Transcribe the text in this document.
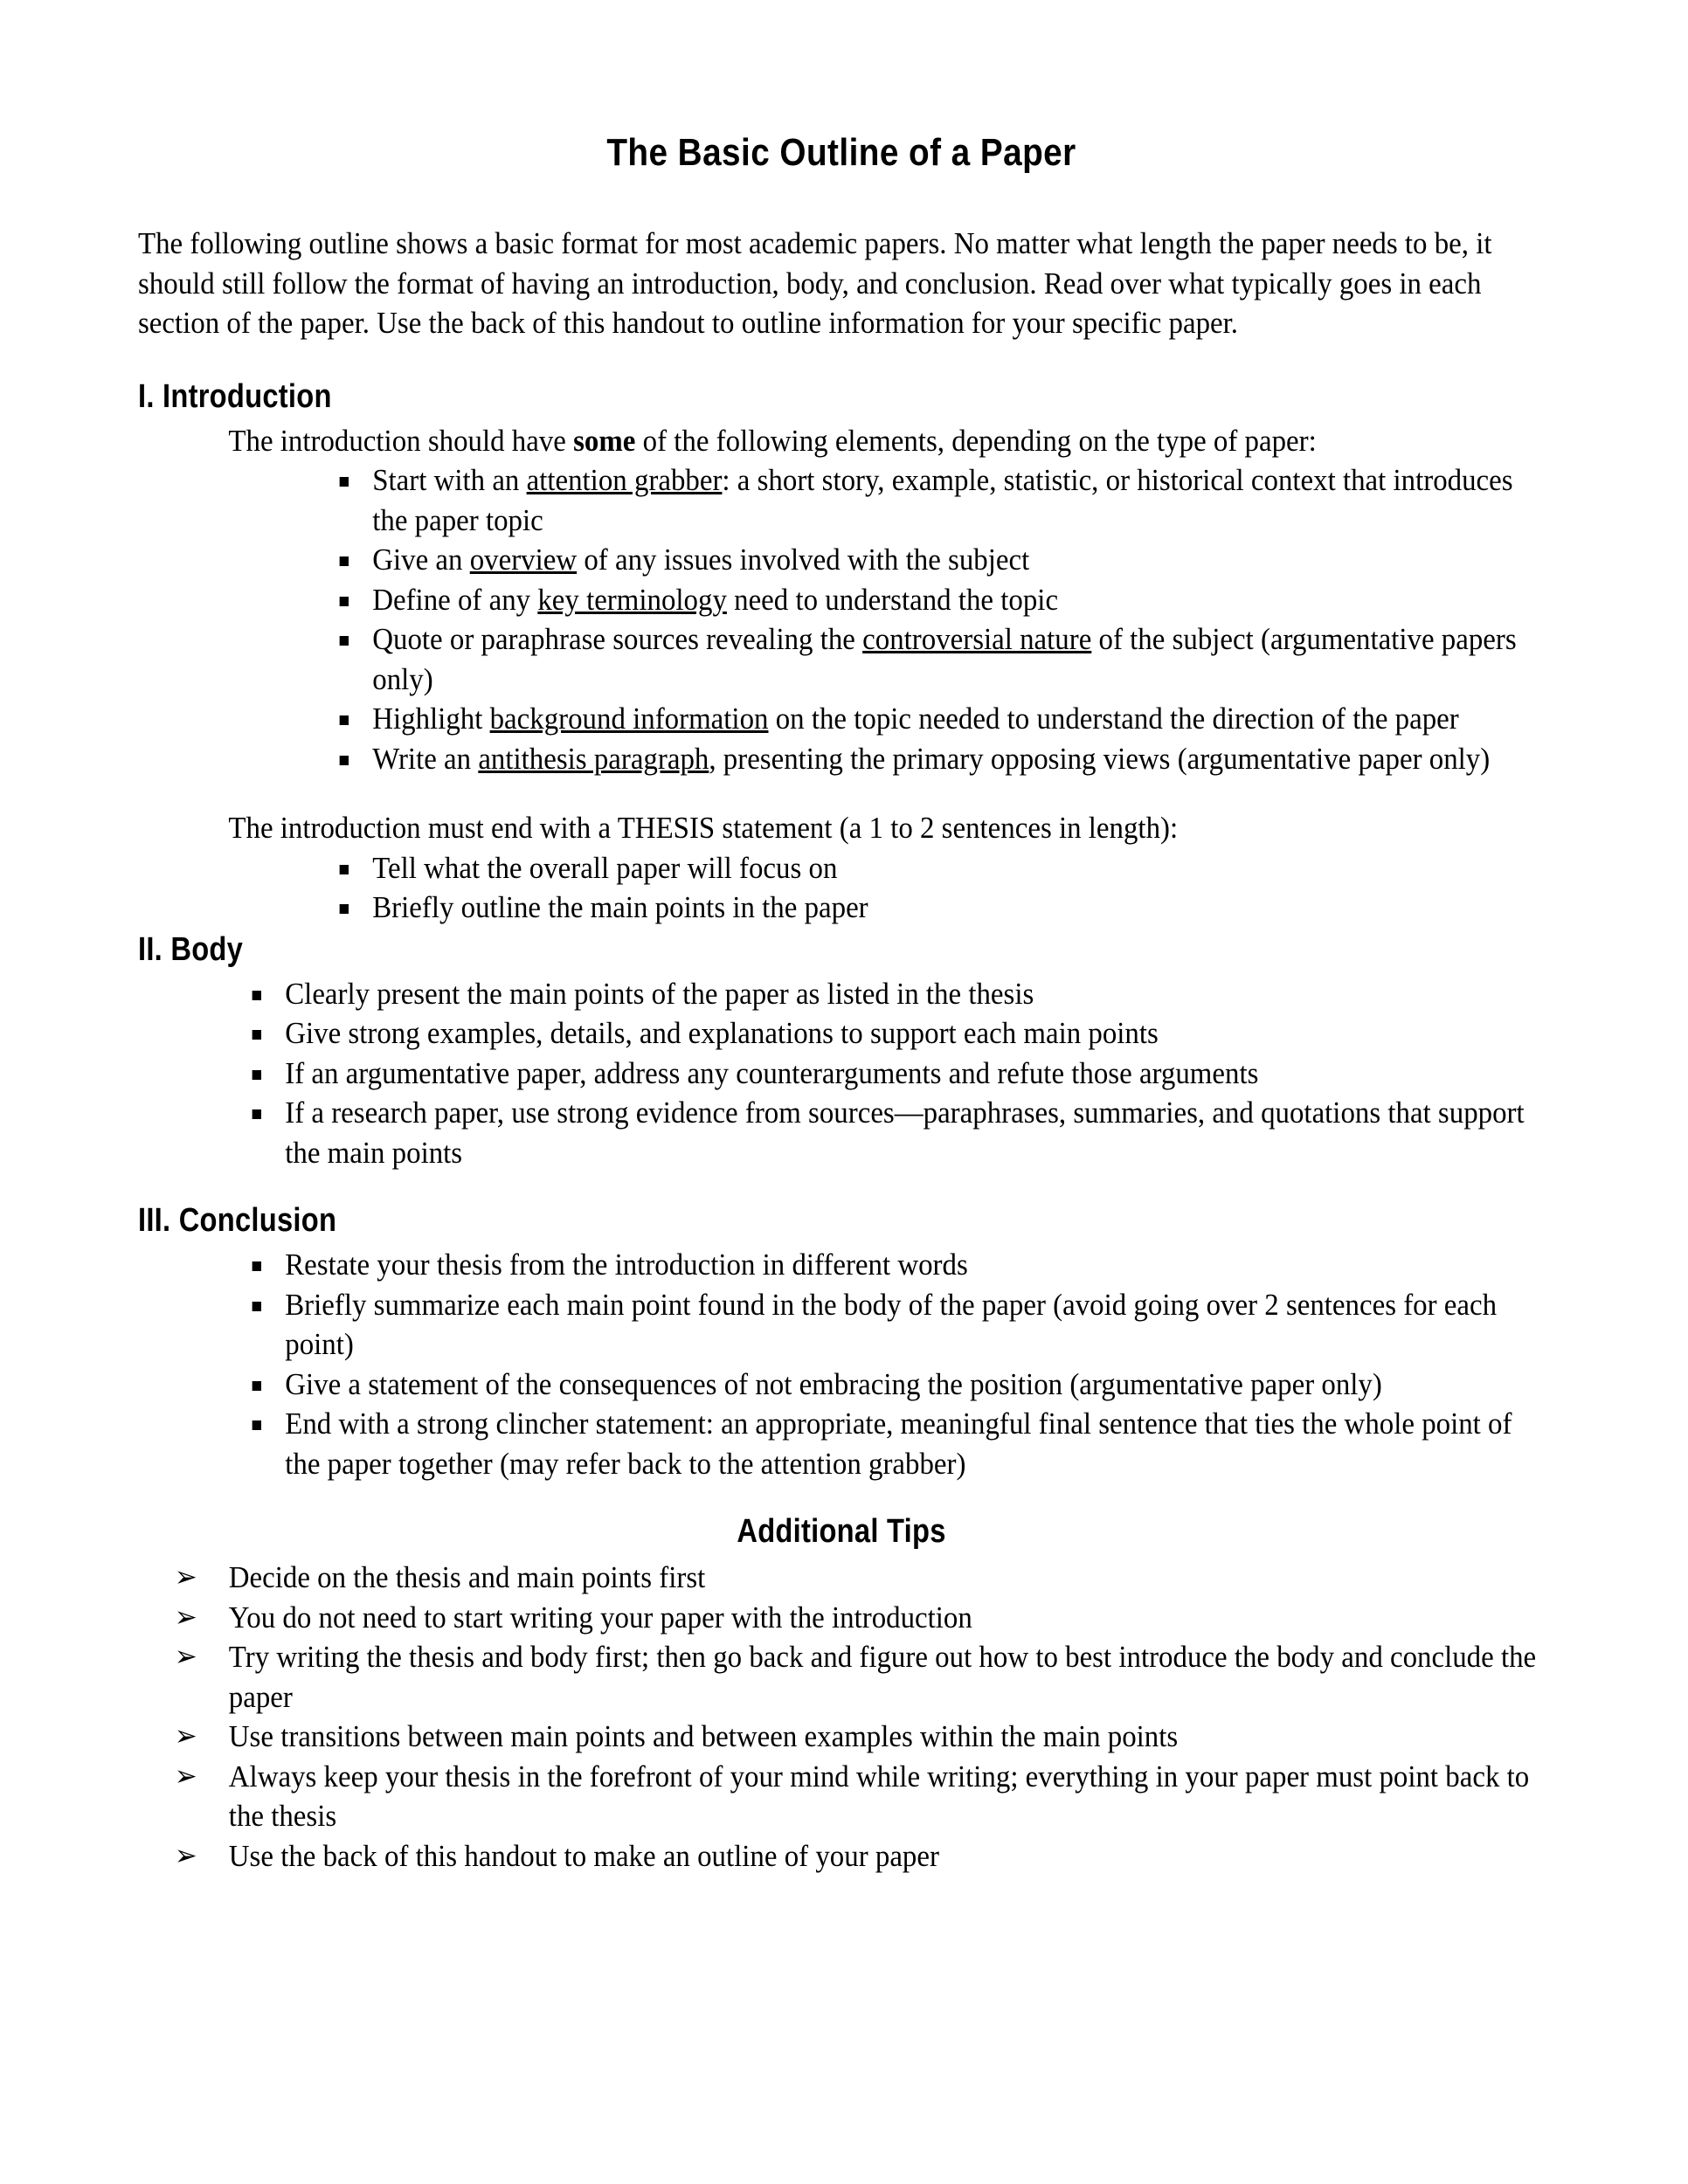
The Basic Outline of a Paper

The following outline shows a basic format for most academic papers. No matter what length the paper needs to be, it should still follow the format of having an introduction, body, and conclusion. Read over what typically goes in each section of the paper. Use the back of this handout to outline information for your specific paper.

I. Introduction

The introduction should have some of the following elements, depending on the type of paper:

Start with an attention grabber: a short story, example, statistic, or historical context that introduces the paper topic
Give an overview of any issues involved with the subject
Define of any key terminology need to understand the topic
Quote or paraphrase sources revealing the controversial nature of the subject (argumentative papers only)
Highlight background information on the topic needed to understand the direction of the paper
Write an antithesis paragraph, presenting the primary opposing views (argumentative paper only)

The introduction must end with a THESIS statement (a 1 to 2 sentences in length):

Tell what the overall paper will focus on
Briefly outline the main points in the paper
II. Body
Clearly present the main points of the paper as listed in the thesis
Give strong examples, details, and explanations to support each main points
If an argumentative paper, address any counterarguments and refute those arguments
If a research paper, use strong evidence from sources—paraphrases, summaries, and quotations that support the main points
III. Conclusion
Restate your thesis from the introduction in different words
Briefly summarize each main point found in the body of the paper (avoid going over 2 sentences for each point)
Give a statement of the consequences of not embracing the position (argumentative paper only)
End with a strong clincher statement: an appropriate, meaningful final sentence that ties the whole point of the paper together (may refer back to the attention grabber)
Additional Tips
➢ Decide on the thesis and main points first
➢ You do not need to start writing your paper with the introduction
➢ Try writing the thesis and body first; then go back and figure out how to best introduce the body and conclude the paper
➢ Use transitions between main points and between examples within the main points
➢ Always keep your thesis in the forefront of your mind while writing; everything in your paper must point back to the thesis
➢ Use the back of this handout to make an outline of your paper
